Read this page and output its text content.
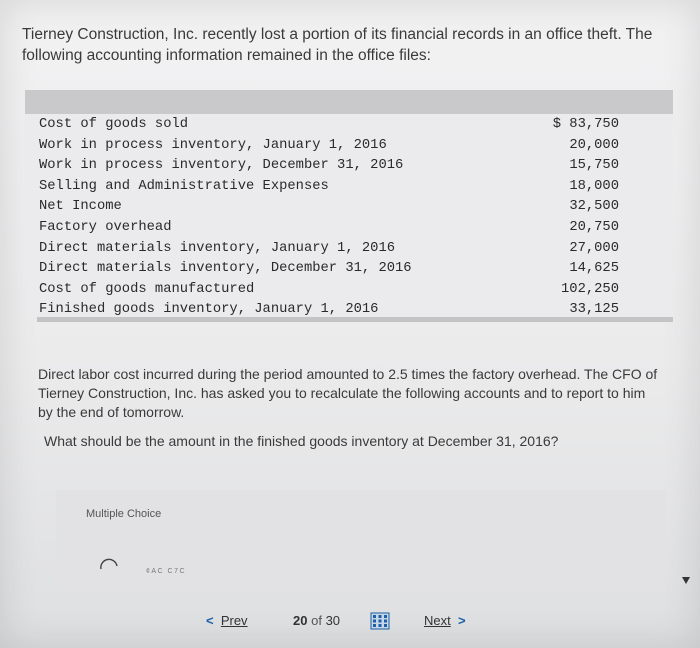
Tierney Construction, Inc. recently lost a portion of its financial records in an office theft. The following accounting information remained in the office files:
Cost of goods sold	$ 83,750
Work in process inventory, January 1, 2016	20,000
Work in process inventory, December 31, 2016	15,750
Selling and Administrative Expenses	18,000
Net Income	32,500
Factory overhead	20,750
Direct materials inventory, January 1, 2016	27,000
Direct materials inventory, December 31, 2016	14,625
Cost of goods manufactured	102,250
Finished goods inventory, January 1, 2016	33,125
Direct labor cost incurred during the period amounted to 2.5 times the factory overhead. The CFO of Tierney Construction, Inc. has asked you to recalculate the following accounts and to report to him by the end of tomorrow.
What should be the amount in the finished goods inventory at December 31, 2016?
Multiple Choice
¢AC C7C
< Prev	20 of 30	Next >
